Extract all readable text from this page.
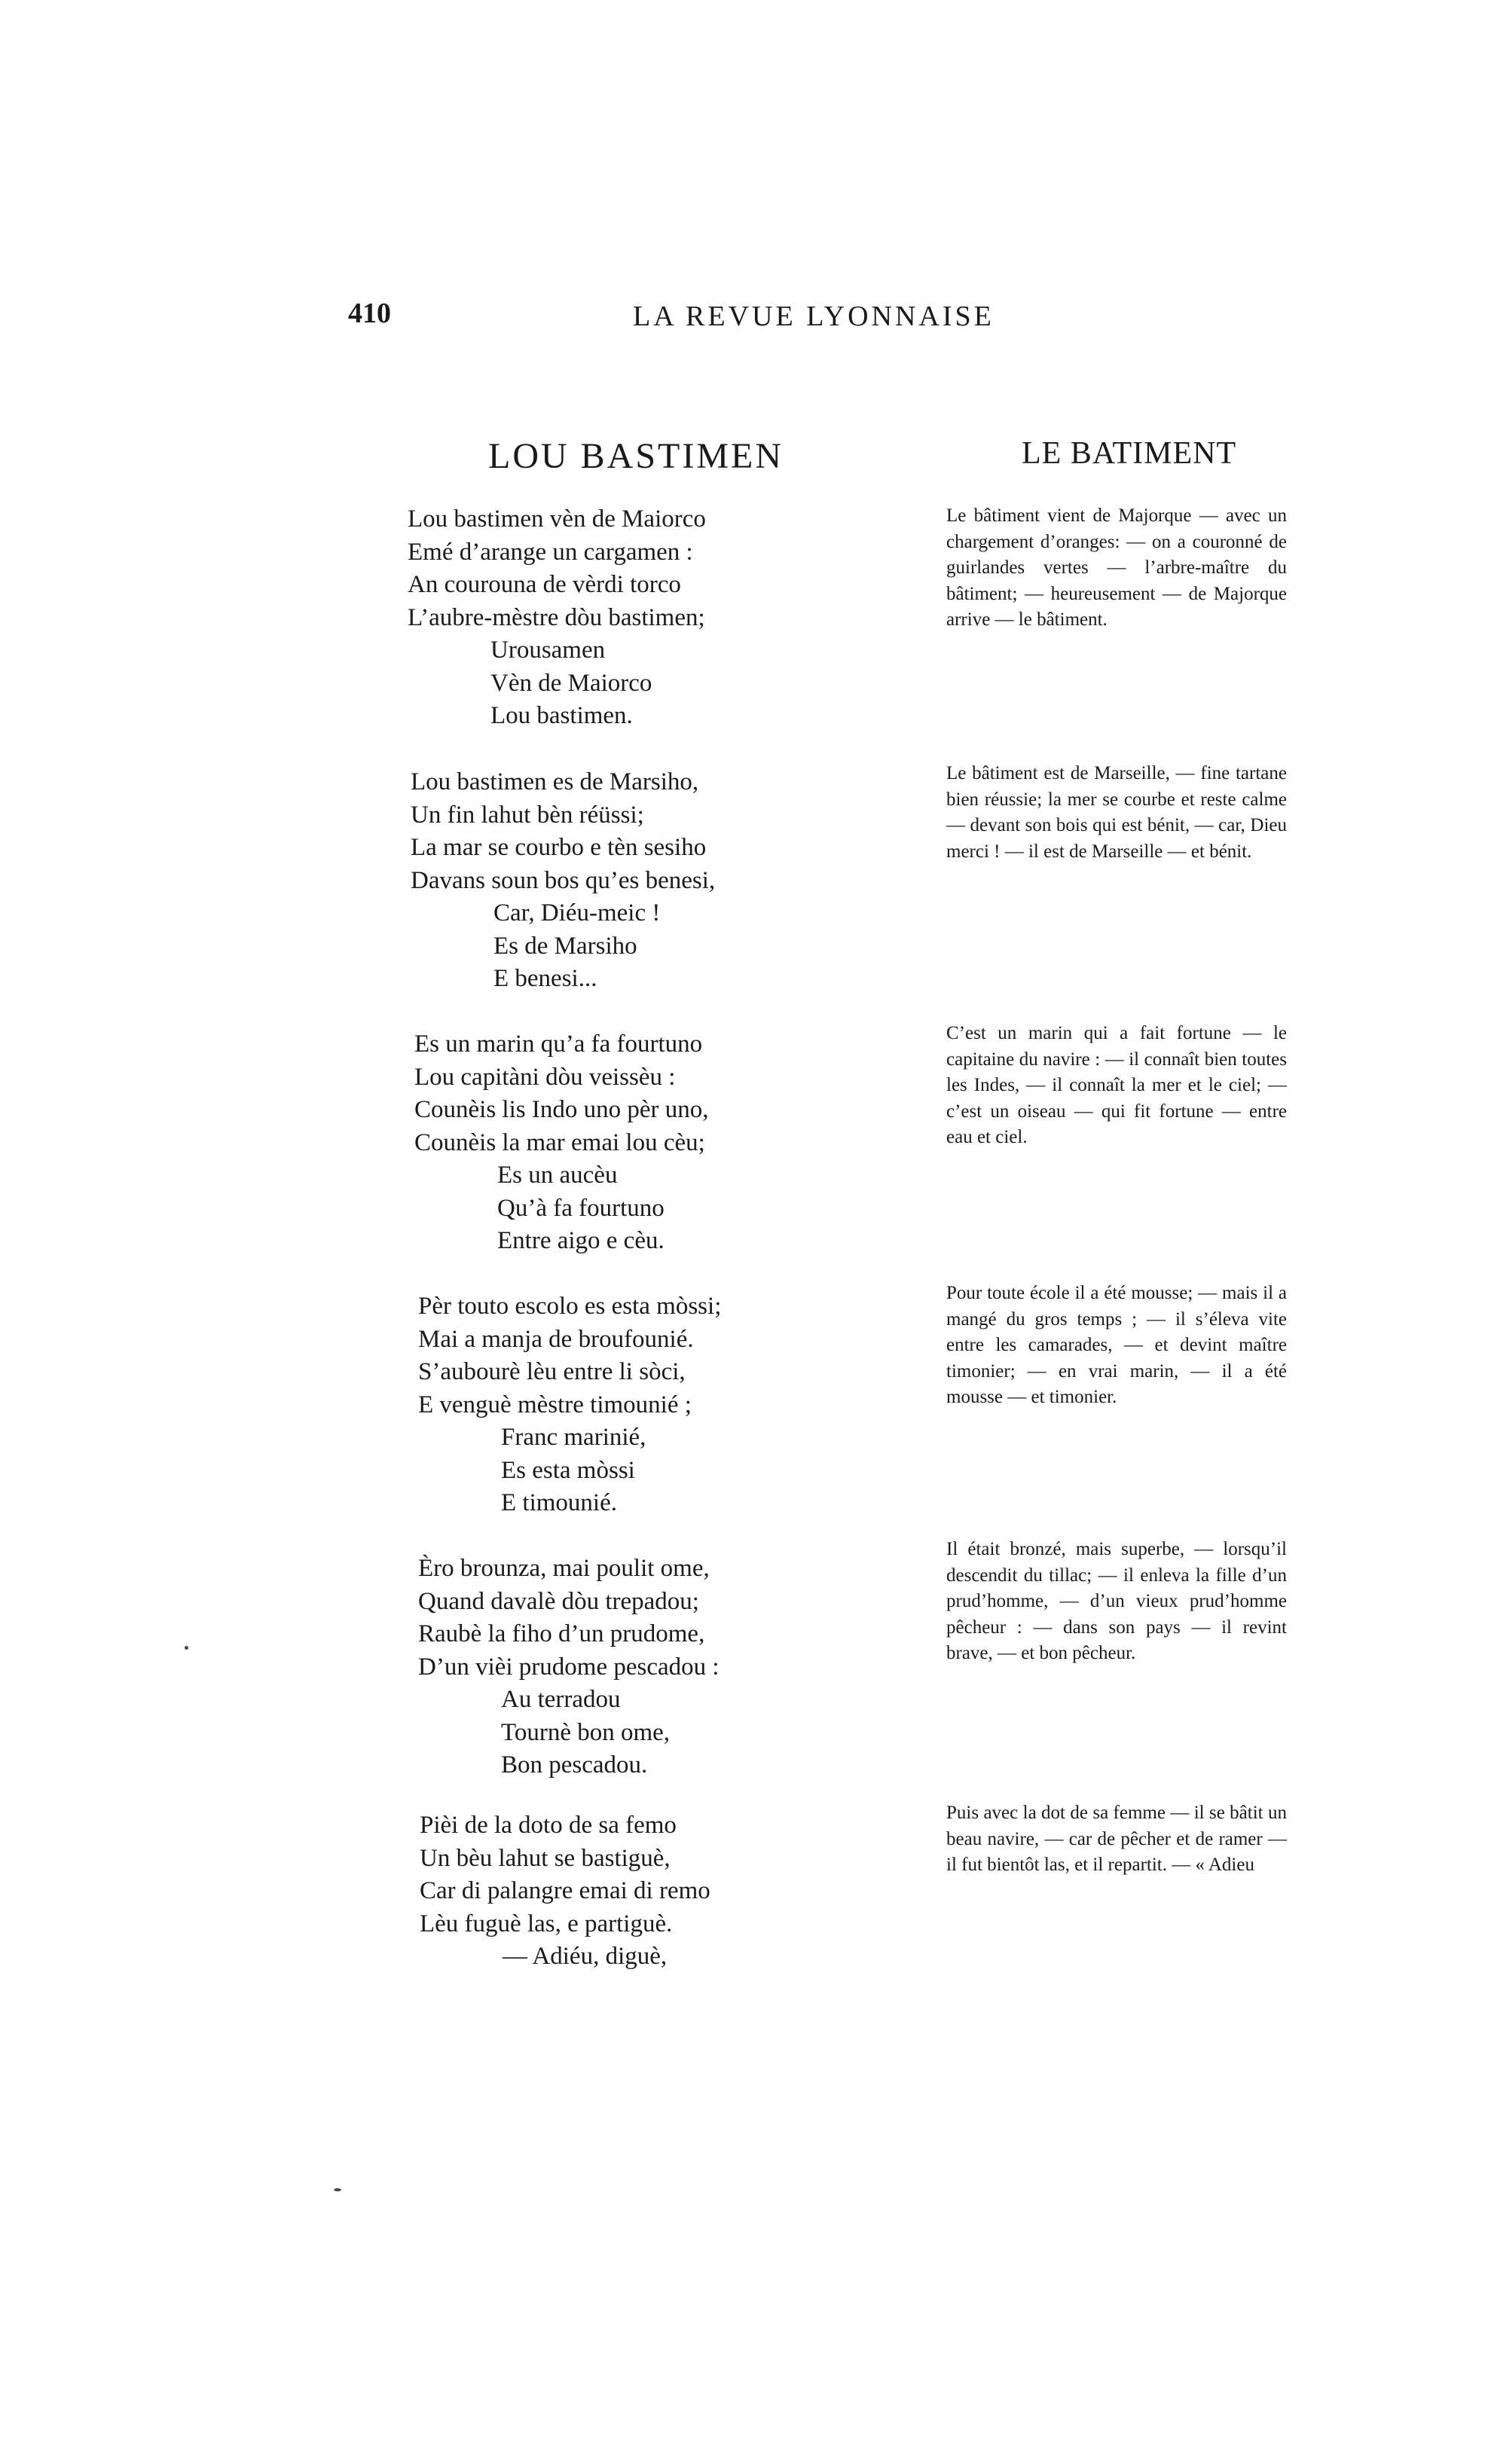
410	LA REVUE LYONNAISE
LOU BASTIMEN	LE BATIMENT
Lou bastimen vèn de Maiorco
Emé d’arange un cargamen :
An courouna de vèrdi torco
L’aubre-mèstre dòu bastimen;
Urousamen
Vèn de Maiorco
Lou bastimen.
Lou bastimen es de Marsiho,
Un fin lahut bèn réüssi;
La mar se courbo e tèn sesiho
Davans soun bos qu’es benesi,
Car, Diéu-meic !
Es de Marsiho
E benesi...
Es un marin qu’a fa fourtuno
Lou capitàni dòu veissèu :
Counèis lis Indo uno pèr uno,
Counèis la mar emai lou cèu;
Es un aucèu
Qu’à fa fourtuno
Entre aigo e cèu.
Pèr touto escolo es esta mòssi;
Mai a manja de broufounié.
S’aubourè lèu entre li sòci,
E venguè mèstre timounié ;
Franc marinié,
Es esta mòssi
E timounié.
Èro brounza, mai poulit ome,
Quand davalè dòu trepadou;
Raubè la fiho d’un prudome,
D’un vièi prudome pescadou :
Au terradou
Tournè bon ome,
Bon pescadou.
Pièi de la doto de sa femo
Un bèu lahut se bastiguè,
Car di palangre emai di remo
Lèu fuguè las, e partiguè.
— Adiéu, diguè,
Le bâtiment vient de Majorque — avec un chargement d’oranges: — on a couronné de guirlandes vertes — l’arbre-maître du bâtiment; — heureusement — de Majorque arrive — le bâtiment.
Le bâtiment est de Marseille, — fine tartane bien réussie; la mer se courbe et reste calme — devant son bois qui est bénit, — car, Dieu merci ! — il est de Marseille — et bénit.
C’est un marin qui a fait fortune — le capitaine du navire : — il connaît bien toutes les Indes, — il connaît la mer et le ciel; — c’est un oiseau — qui fit fortune — entre eau et ciel.
Pour toute école il a été mousse; — mais il a mangé du gros temps ; — il s’éleva vite entre les camarades, — et devint maître timonier; — en vrai marin, — il a été mousse — et timonier.
Il était bronzé, mais superbe, — lorsqu’il descendit du tillac; — il enleva la fille d’un prud’homme, — d’un vieux prud’homme pêcheur : — dans son pays — il revint brave, — et bon pêcheur.
Puis avec la dot de sa femme — il se bâtit un beau navire, — car de pêcher et de ramer — il fut bientôt las, et il repartit. — « Adieu
